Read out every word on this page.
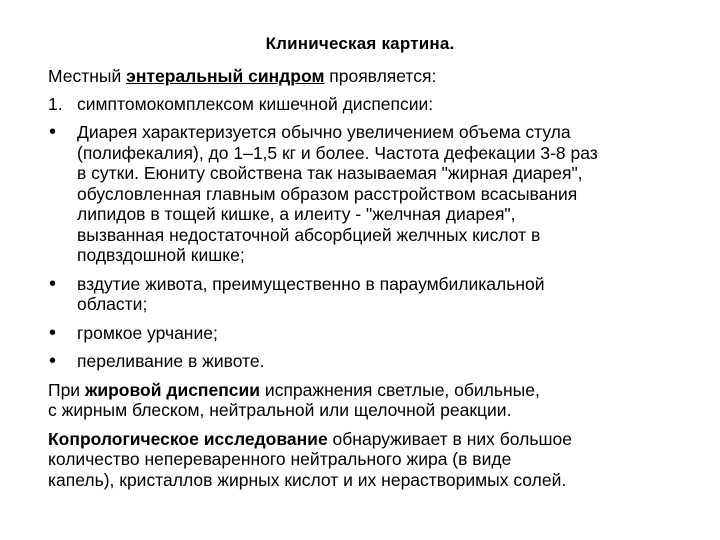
Клиническая картина.

Местный энтеральный синдром проявляется:

1. симптомокомплексом кишечной диспепсии:
• Диарея характеризуется обычно увеличением объема стула
(полифекалия), до 1–1,5 кг и более. Частота дефекации 3-8 раз
в сутки. Еюниту свойствена так называемая "жирная диарея",
обусловленная главным образом расстройством всасывания
липидов в тощей кишке, а илеиту - "желчная диарея",
вызванная недостаточной абсорбцией желчных кислот в
подвздошной кишке;
• вздутие живота, преимущественно в параумбиликальной
области;
• громкое урчание;
• переливание в животе.
При жировой диспепсии испражнения светлые, обильные,
с жирным блеском, нейтральной или щелочной реакции.
Копрологическое исследование обнаруживает в них большое
количество непереваренного нейтрального жира (в виде
капель), кристаллов жирных кислот и их нерастворимых солей.
